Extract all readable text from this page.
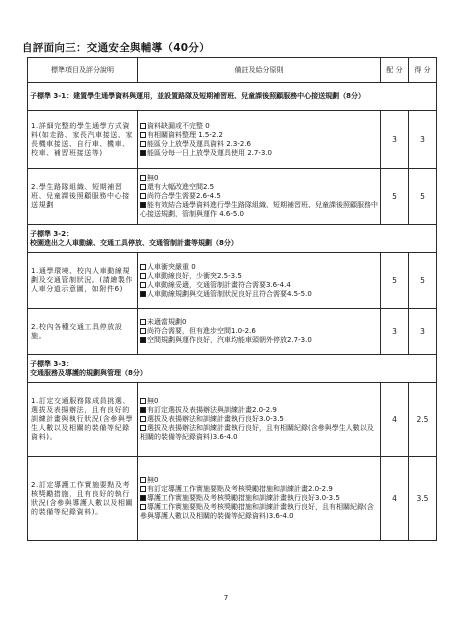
自評面向三：交通安全與輔導（40分）
標準項目及評分說明	備註及給分原則	配 分	得 分
子標準 3-1：建置學生通學資料與運用，並設置路隊及短期補習班、兒童課後照顧服務中心接送規劃（8分）			
1.詳細完整的學生通學方式資料(如走路、家長汽車接送、家長機車接送、自行車、機車、校車、補習班接送等)	資料缺漏或不完整 0
有相關資料整理 1.5-2.2
能區分上放學及運具資料 2.3-2.6
能區分每一日上放學及運具使用 2.7-3.0	3	3
2.學生路隊組織、短期補習班、兒童課後照顧服務中心接送規劃	無0
還有大幅改進空間2.5
尚符合學生需要2.6-4.5
能有效結合通學資料進行學生路隊組織、短期補習班、兒童課後照顧服務中心接送規劃，管制與運作 4.6-5.0	5	5

子標準 3-2：
校園進出之人車動線、交通工具停放、交通管制計畫等規劃（8分）			

1.通學環境、校內人車動線規劃及交通管制狀況。(請繪製作人車分道示意圖，如附件6)	人車衝突嚴重 0
人車動線良好，少衝突2.5-3.5
人車動線妥適，交通管制計畫符合需要3.6-4.4
人車動線規劃與交通管制狀況良好且符合需要4.5-5.0	5	5
2.校內各種交通工具停放設施。	未適當規劃0
尚符合需要，但有進步空間1.0-2.6
空間規劃與運作良好，汽車均能車頭朝外停放2.7-3.0	3	3

子標準 3-3：
交通服務及導護的規劃與管理（8分）			

1.訂定交通服務隊成員挑選、選拔及表揚辦法，且有良好的訓練計畫與執行狀況(含參與學生人數以及相關的裝備等紀錄資料)。	無0
有訂定選拔及表揚辦法與訓練計畫2.0-2.9
選拔及表揚辦法和訓練計畫執行良好3.0-3.5
選拔及表揚辦法和訓練計畫執行良好，且有相關紀錄(含參與學生人數以及相關的裝備等紀錄資料)3.6-4.0	4	2.5
2.訂定導護工作實施要點及考核獎勵措施，且有良好的執行狀況(含參與導護人數以及相關的裝備等紀錄資料)。	無0
有訂定導護工作實施要點及考核獎勵措施和訓練計畫2.0-2.9
導護工作實施要點及考核獎勵措施和訓練計畫執行良好3.0-3.5
導護工作實施要點及考核獎勵措施和訓練計畫執行良好，且有相關紀錄(含參與導護人數以及相關的裝備等紀錄資料)3.6-4.0	4	3.5
7
